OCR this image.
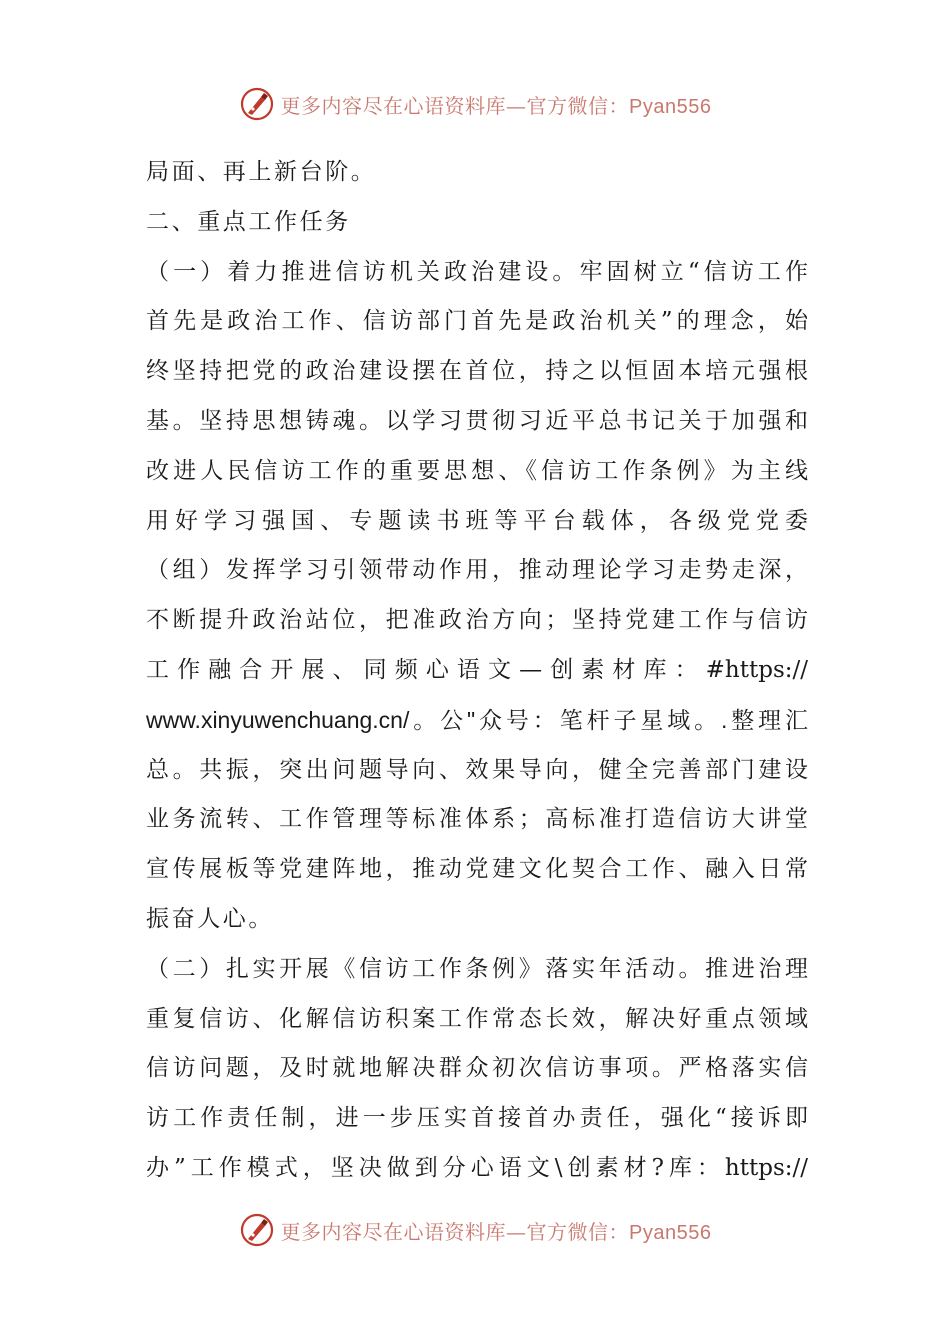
更多内容尽在心语资料库—官方微信：Pyan556
局面、再上新台阶。
二、重点工作任务
（一）着力推进信访机关政治建设。牢固树立“信访工作
首先是政治工作、信访部门首先是政治机关”的理念，始
终坚持把党的政治建设摆在首位，持之以恒固本培元强根
基。坚持思想铸魂。以学习贯彻习近平总书记关于加强和
改进人民信访工作的重要思想、《信访工作条例》为主线
用好学习强国、专题读书班等平台载体，各级党党委
（组）发挥学习引领带动作用，推动理论学习走势走深，
不断提升政治站位，把准政治方向；坚持党建工作与信访
工作融合开展、同频心语文—创素材库：#https://
www.xinyuwenchuang.cn/。公"众号：笔杆子星域。.整理汇
总。共振，突出问题导向、效果导向，健全完善部门建设
业务流转、工作管理等标准体系；高标准打造信访大讲堂
宣传展板等党建阵地，推动党建文化契合工作、融入日常
振奋人心。
（二）扎实开展《信访工作条例》落实年活动。推进治理
重复信访、化解信访积案工作常态长效，解决好重点领域
信访问题，及时就地解决群众初次信访事项。严格落实信
访工作责任制，进一步压实首接首办责任，强化“接诉即
办”工作模式，坚决做到分心语文\创素材?库：https://
更多内容尽在心语资料库—官方微信：Pyan556
